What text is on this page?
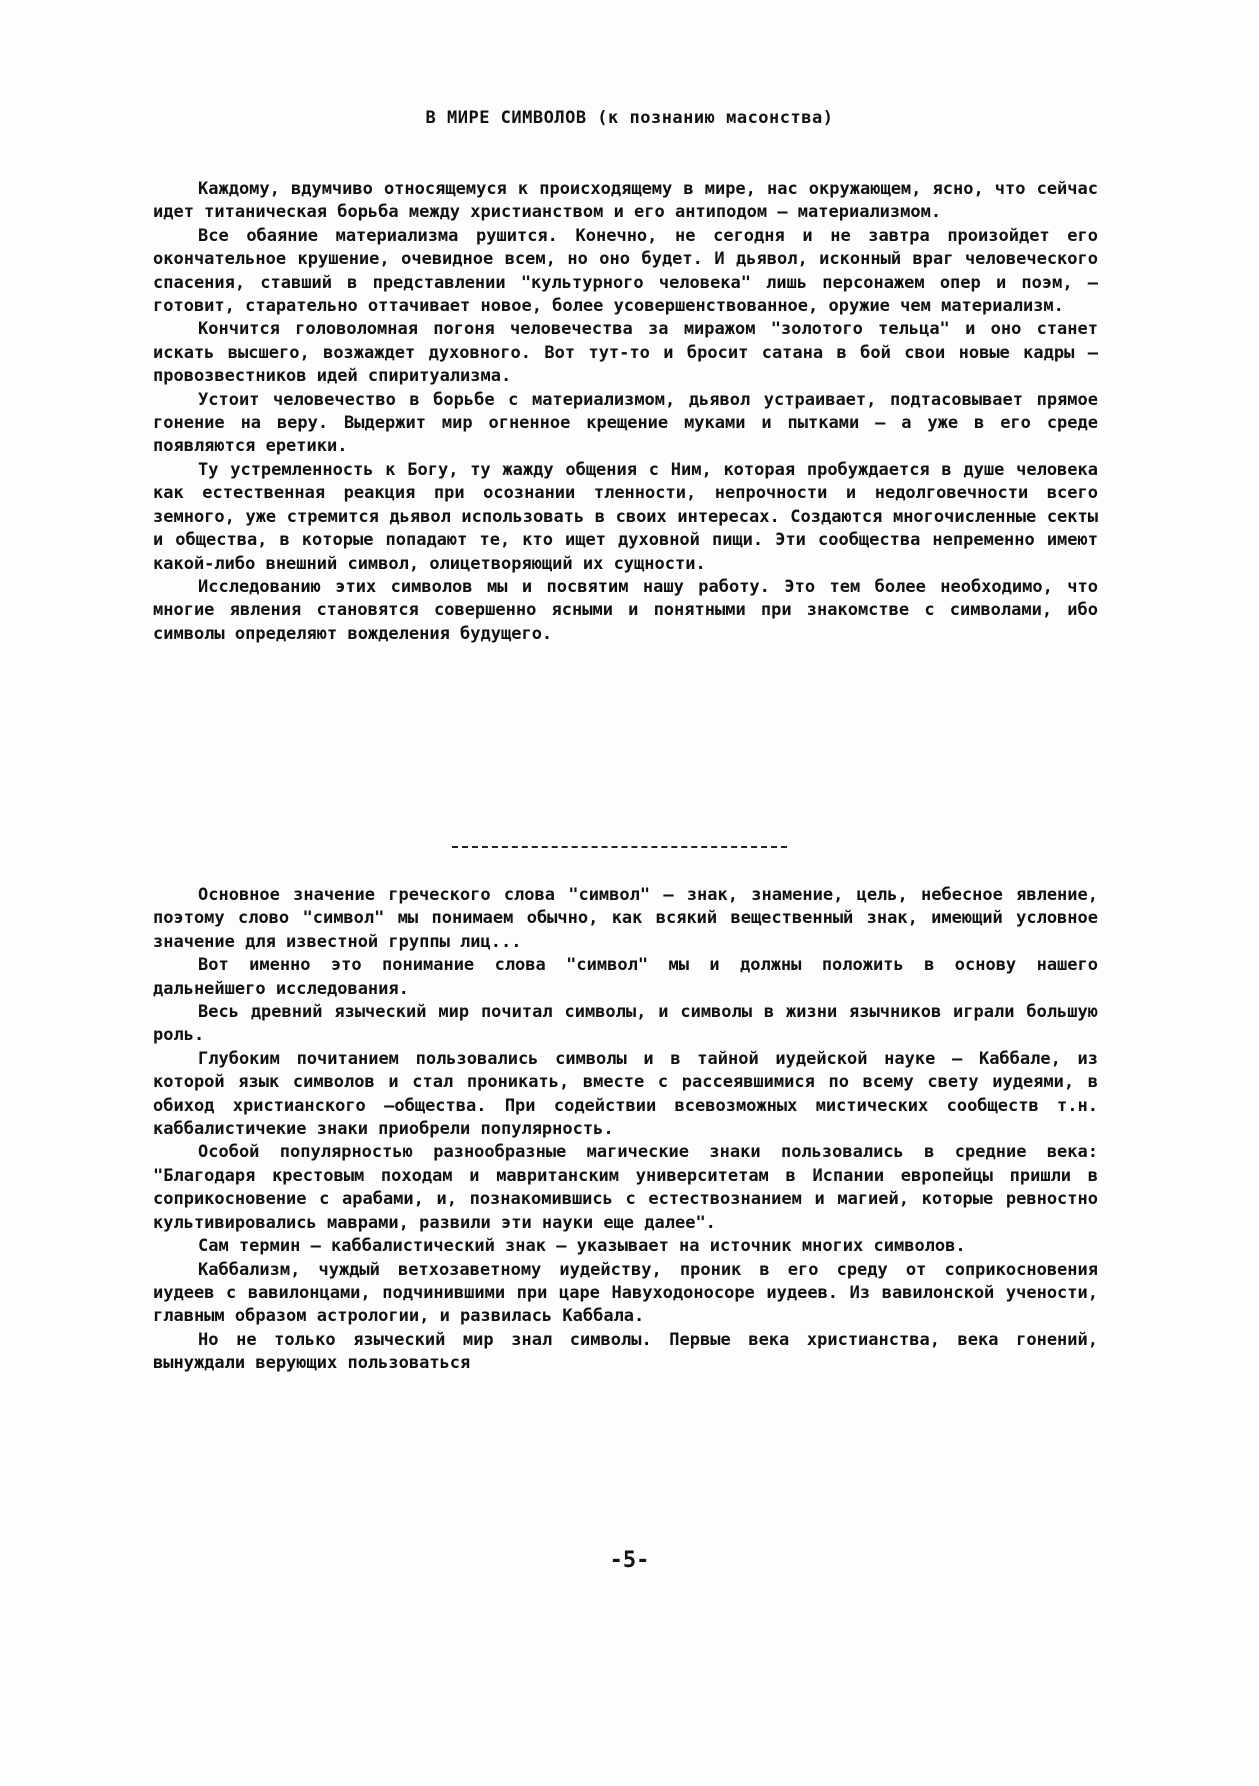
В МИРЕ СИМВОЛОВ (к познанию масонства)

Каждому, вдумчиво относящемуся к происходящему в мире, нас окружающем, ясно, что сейчас идет титаническая борьба между христианством и его антиподом – материализмом.

Все обаяние материализма рушится. Конечно, не сегодня и не завтра произойдет его окончательное крушение, очевидное всем, но оно будет. И дьявол, исконный враг человеческого спасения, ставший в представлении "культурного человека" лишь персонажем опер и поэм, – готовит, старательно оттачивает новое, более усовершенствованное, оружие чем материализм.

Кончится головоломная погоня человечества за миражом "золотого тельца" и оно станет искать высшего, возжаждет духовного. Вот тут-то и бросит сатана в бой свои новые кадры – провозвестников идей спиритуализма.

Устоит человечество в борьбе с материализмом, дьявол устраивает, подтасовывает прямое гонение на веру. Выдержит мир огненное крещение муками и пытками – а уже в его среде появляются еретики.

Ту устремленность к Богу, ту жажду общения с Ним, которая пробуждается в душе человека как естественная реакция при осознании тленности, непрочности и недолговечности всего земного, уже стремится дьявол использовать в своих интересах. Создаются многочисленные секты и общества, в которые попадают те, кто ищет духовной пищи. Эти сообщества непременно имеют какой-либо внешний символ, олицетворяющий их сущности.

Исследованию этих символов мы и посвятим нашу работу. Это тем более необходимо, что многие явления становятся совершенно ясными и понятными при знакомстве с символами, ибо символы определяют вожделения будущего.

Основное значение греческого слова "символ" – знак, знамение, цель, небесное явление, поэтому слово "символ" мы понимаем обычно, как всякий вещественный знак, имеющий условное значение для известной группы лиц...

Вот именно это понимание слова "символ" мы и должны положить в основу нашего дальнейшего исследования.

Весь древний языческий мир почитал символы, и символы в жизни язычников играли большую роль.

Глубоким почитанием пользовались символы и в тайной иудейской науке – Каббале, из которой язык символов и стал проникать, вместе с рассеявшимися по всему свету иудеями, в обиход христианского –общества. При содействии всевозможных мистических сообществ т.н. каббалистичекие знаки приобрели популярность.

Особой популярностью разнообразные магические знаки пользовались в средние века: "Благодаря крестовым походам и мавританским университетам в Испании европейцы пришли в соприкосновение с арабами, и, познакомившись с естествознанием и магией, которые ревностно культивировались маврами, развили эти науки еще далее".

Сам термин – каббалистический знак – указывает на источник многих символов.

Каббализм, чуждый ветхозаветному иудейству, проник в его среду от соприкосновения иудеев с вавилонцами, подчинившими при царе Навуходоносоре иудеев. Из вавилонской учености, главным образом астрологии, и развилась Каббала.

Но не только языческий мир знал символы. Первые века христианства, века гонений, вынуждали верующих пользоваться

-5-
